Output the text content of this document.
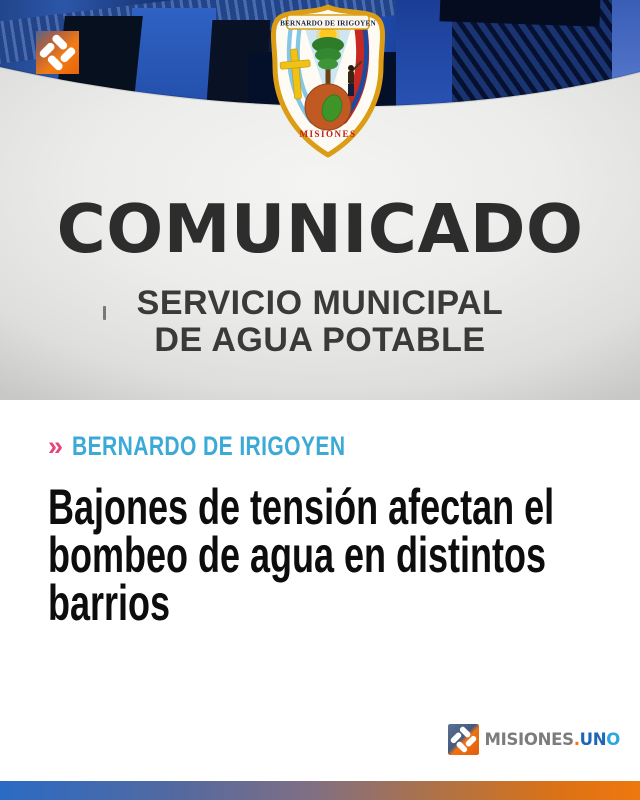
MISIONES
BERNARDO DE IRIGOYEN
COMUNICADO
SERVICIO MUNICIPAL
DE AGUA POTABLE
» BERNARDO DE IRIGOYEN
Bajones de tensión afectan el
bombeo de agua en distintos
barrios
MISIONES.UNO
